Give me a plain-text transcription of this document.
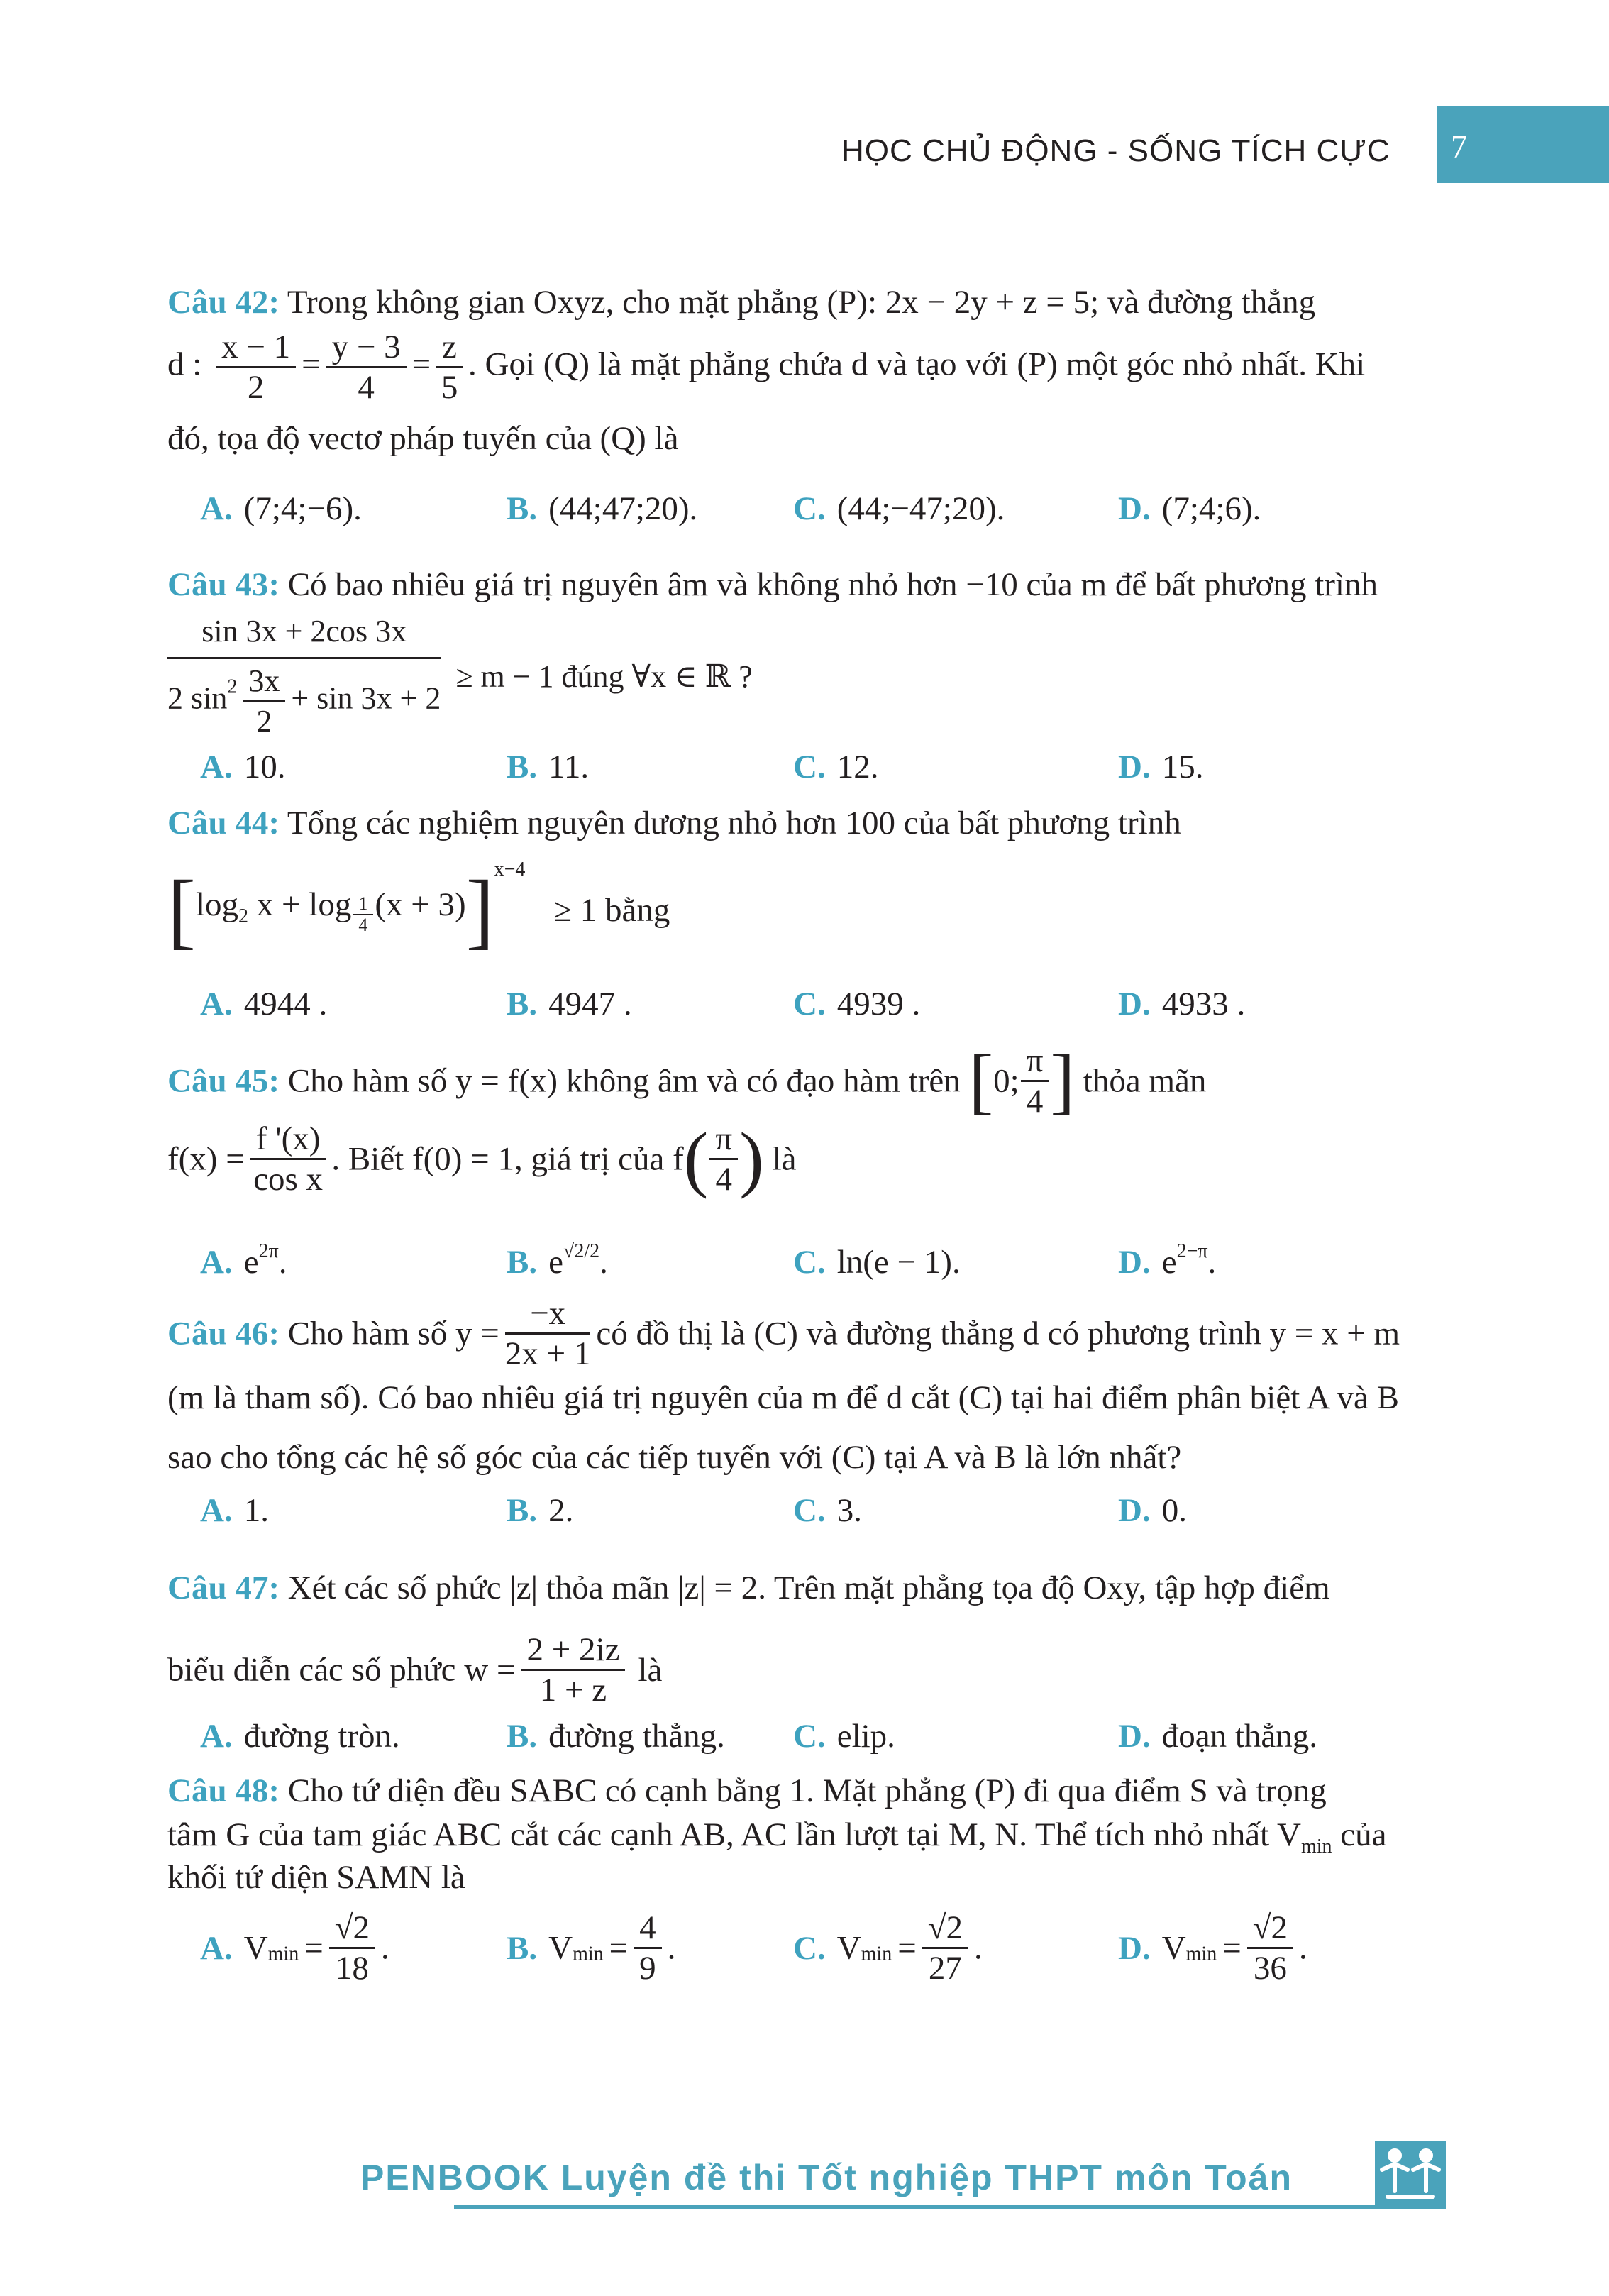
HỌC CHỦ ĐỘNG - SỐNG TÍCH CỰC 7
Câu 42: Trong không gian Oxyz, cho mặt phẳng (P): 2x − 2y + z = 5; và đường thẳng
d : $\frac{x - 1}{2} = \frac{y - 3}{4} = \frac{z}{5}$ . Gọi (Q) là mặt phẳng chứa d và tạo với (P) một góc nhỏ nhất. Khi
đó, tọa độ vectơ pháp tuyến của (Q) là
A. (7;4;−6).	B. (44;47;20).	C. (44;−47;20).	D. (7;4;6).
Câu 43: Có bao nhiêu giá trị nguyên âm và không nhỏ hơn −10 của m để bất phương trình
$\frac{\sin 3x + 2\cos 3x}{2 \sin^2 \frac{3x}{2} + \sin 3x + 2} \ge m - 1$ đúng ∀x ∈ ℝ ?
A. 10.	B. 11.	C. 12.	D. 15.
Câu 44: Tổng các nghiệm nguyên dương nhỏ hơn 100 của bất phương trình
[$\log_2$ $x + \log \frac{1}{4} (x + 3)]^{x-4} \ge 1$ bằng
A. 4944 .	B. 4947 .	C. 4939 .	D. 4933 .
Câu 45: Cho hàm số y = f(x) không âm và có đạo hàm trên [0; $\frac{\pi}{4}$ ] thỏa mãn
$f(x) = \frac{f '(x)}{\text{cos x}}$ . Biết f(0) = 1, giá trị của $f( \frac{\pi}{4}$ ) là
A. $e^{2\pi}$.	B. $e^{√2/2}$.	C. ln(e − 1).	D. $e^{2-\pi}$.
Câu 46: Cho hàm số $y = \frac{-x}{2x + 1}$ có đồ thị là (C) và đường thẳng d có phương trình y = x + m
(m là tham số). Có bao nhiêu giá trị nguyên của m để d cắt (C) tại hai điểm phân biệt A và B
sao cho tổng các hệ số góc của các tiếp tuyến với (C) tại A và B là lớn nhất?
A. 1.	B. 2.	C. 3.	D. 0.
Câu 47: Xét các số phức |z| thỏa mãn |z| = 2. Trên mặt phẳng tọa độ Oxy, tập hợp điểm
biểu diễn các số phức $w = \frac{2 + 2iz}{1 + z}$ là
A. đường tròn.	B. đường thẳng. C. elip.	D. đoạn thẳng.
Câu 48: Cho tứ diện đều SABC có cạnh bằng 1. Mặt phẳng (P) đi qua điểm S và trọng
tâm G của tam giác ABC cắt các cạnh AB, AC lần lượt tại M, N. Thể tích nhỏ nhất $V_{min}$ của
khối tứ diện SAMN là
A. $V_{min} = \frac{√2}{18}$ .	B. $V_{min} = \frac{4}{9}$ .	C. $V_{min} = \frac{√2}{27}$ .	D. $V_{min} = \frac{√2}{36}$ .
PENBOOK Luyện đề thi Tốt nghiệp THPT môn Toán
